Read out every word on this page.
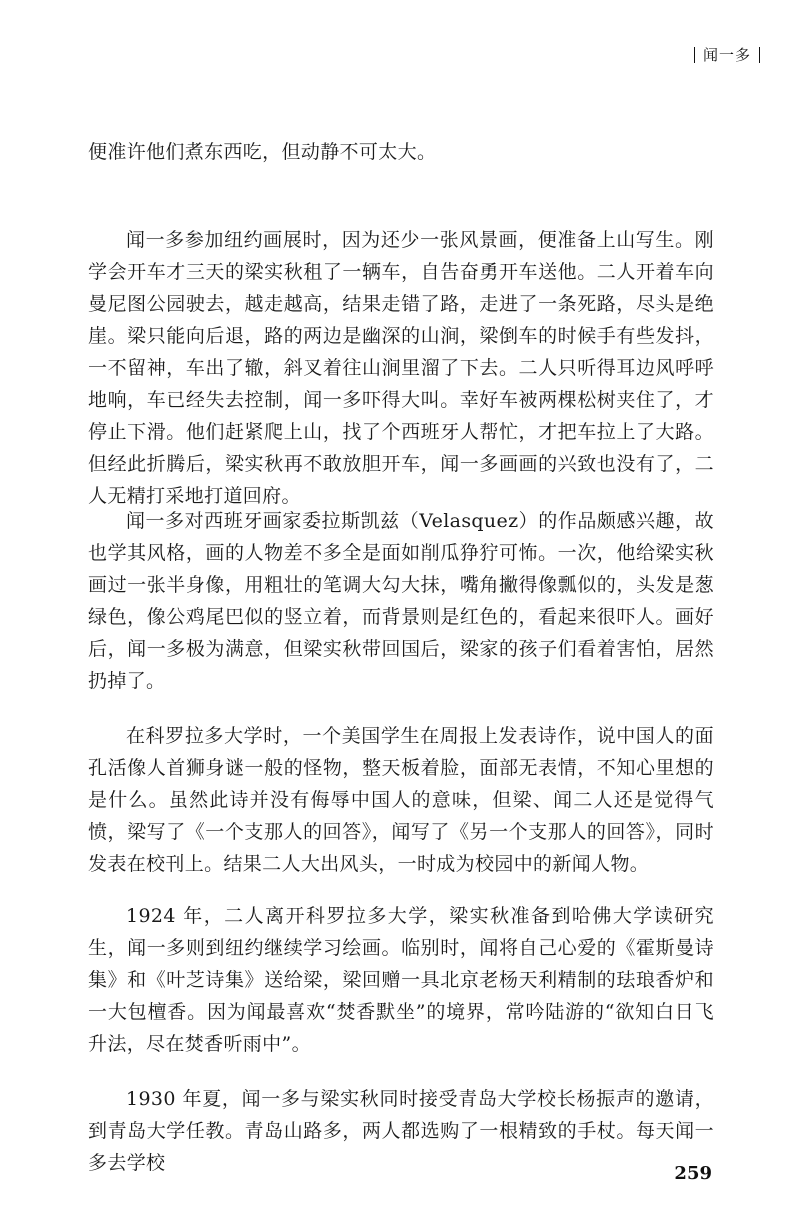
闻一多

便准许他们煮东西吃，但动静不可太大。

闻一多参加纽约画展时，因为还少一张风景画，便准备上山写生。刚学会开车才三天的梁实秋租了一辆车，自告奋勇开车送他。二人开着车向曼尼图公园驶去，越走越高，结果走错了路，走进了一条死路，尽头是绝崖。梁只能向后退，路的两边是幽深的山涧，梁倒车的时候手有些发抖，一不留神，车出了辙，斜叉着往山涧里溜了下去。二人只听得耳边风呼呼地响，车已经失去控制，闻一多吓得大叫。幸好车被两棵松树夹住了，才停止下滑。他们赶紧爬上山，找了个西班牙人帮忙，才把车拉上了大路。但经此折腾后，梁实秋再不敢放胆开车，闻一多画画的兴致也没有了，二人无精打采地打道回府。

闻一多对西班牙画家委拉斯凯兹（Velasquez）的作品颇感兴趣，故也学其风格，画的人物差不多全是面如削瓜狰狞可怖。一次，他给梁实秋画过一张半身像，用粗壮的笔调大勾大抹，嘴角撇得像瓢似的，头发是葱绿色，像公鸡尾巴似的竖立着，而背景则是红色的，看起来很吓人。画好后，闻一多极为满意，但梁实秋带回国后，梁家的孩子们看着害怕，居然扔掉了。

在科罗拉多大学时，一个美国学生在周报上发表诗作，说中国人的面孔活像人首狮身谜一般的怪物，整天板着脸，面部无表情，不知心里想的是什么。虽然此诗并没有侮辱中国人的意味，但梁、闻二人还是觉得气愤，梁写了《一个支那人的回答》，闻写了《另一个支那人的回答》，同时发表在校刊上。结果二人大出风头，一时成为校园中的新闻人物。

1924 年，二人离开科罗拉多大学，梁实秋准备到哈佛大学读研究生，闻一多则到纽约继续学习绘画。临别时，闻将自己心爱的《霍斯曼诗集》和《叶芝诗集》送给梁，梁回赠一具北京老杨天利精制的珐琅香炉和一大包檀香。因为闻最喜欢“焚香默坐”的境界，常吟陆游的“欲知白日飞升法，尽在焚香听雨中”。

1930 年夏，闻一多与梁实秋同时接受青岛大学校长杨振声的邀请，到青岛大学任教。青岛山路多，两人都选购了一根精致的手杖。每天闻一多去学校	259
